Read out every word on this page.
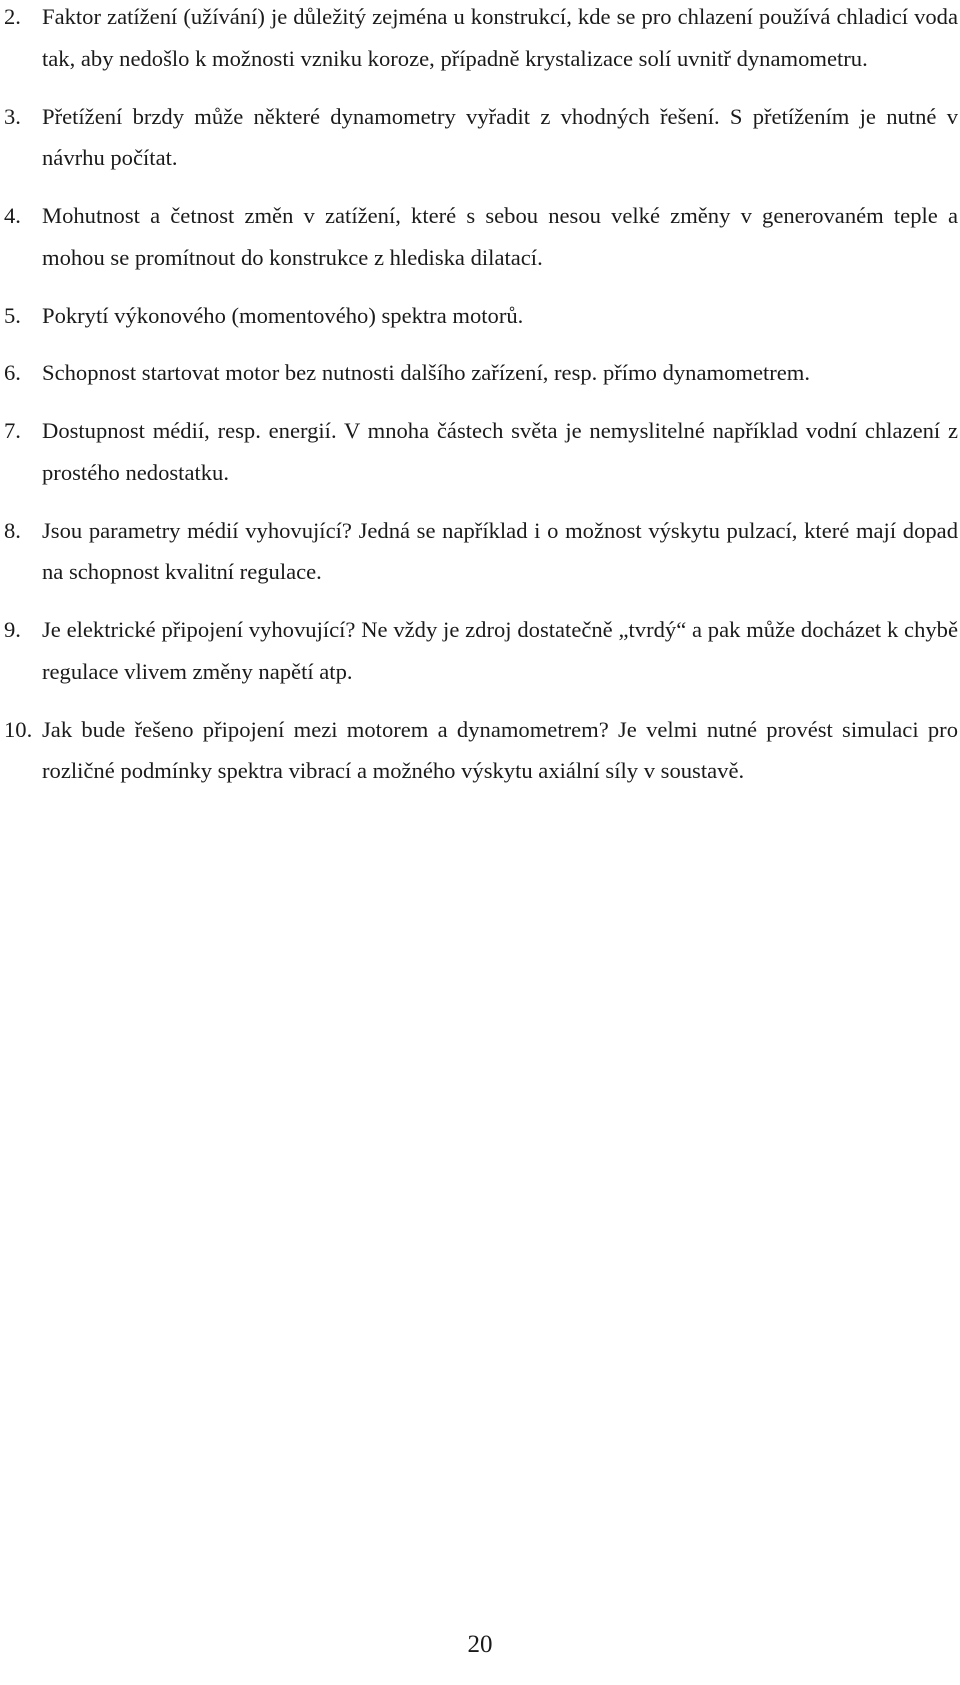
2. Faktor zatížení (užívání) je důležitý zejména u konstrukcí, kde se pro chlazení používá chladicí voda tak, aby nedošlo k možnosti vzniku koroze, případně krystalizace solí uvnitř dynamometru.
3. Přetížení brzdy může některé dynamometry vyřadit z vhodných řešení. S přetížením je nutné v návrhu počítat.
4. Mohutnost a četnost změn v zatížení, které s sebou nesou velké změny v generovaném teple a mohou se promítnout do konstrukce z hlediska dilatací.
5. Pokrytí výkonového (momentového) spektra motorů.
6. Schopnost startovat motor bez nutnosti dalšího zařízení, resp. přímo dynamometrem.
7. Dostupnost médií, resp. energií. V mnoha částech světa je nemyslitelné například vodní chlazení z prostého nedostatku.
8. Jsou parametry médií vyhovující? Jedná se například i o možnost výskytu pulzací, které mají dopad na schopnost kvalitní regulace.
9. Je elektrické připojení vyhovující? Ne vždy je zdroj dostatečně „tvrdý“ a pak může docházet k chybě regulace vlivem změny napětí atp.
10. Jak bude řešeno připojení mezi motorem a dynamometrem? Je velmi nutné provést simulaci pro rozličné podmínky spektra vibrací a možného výskytu axiální síly v soustavě.
20
